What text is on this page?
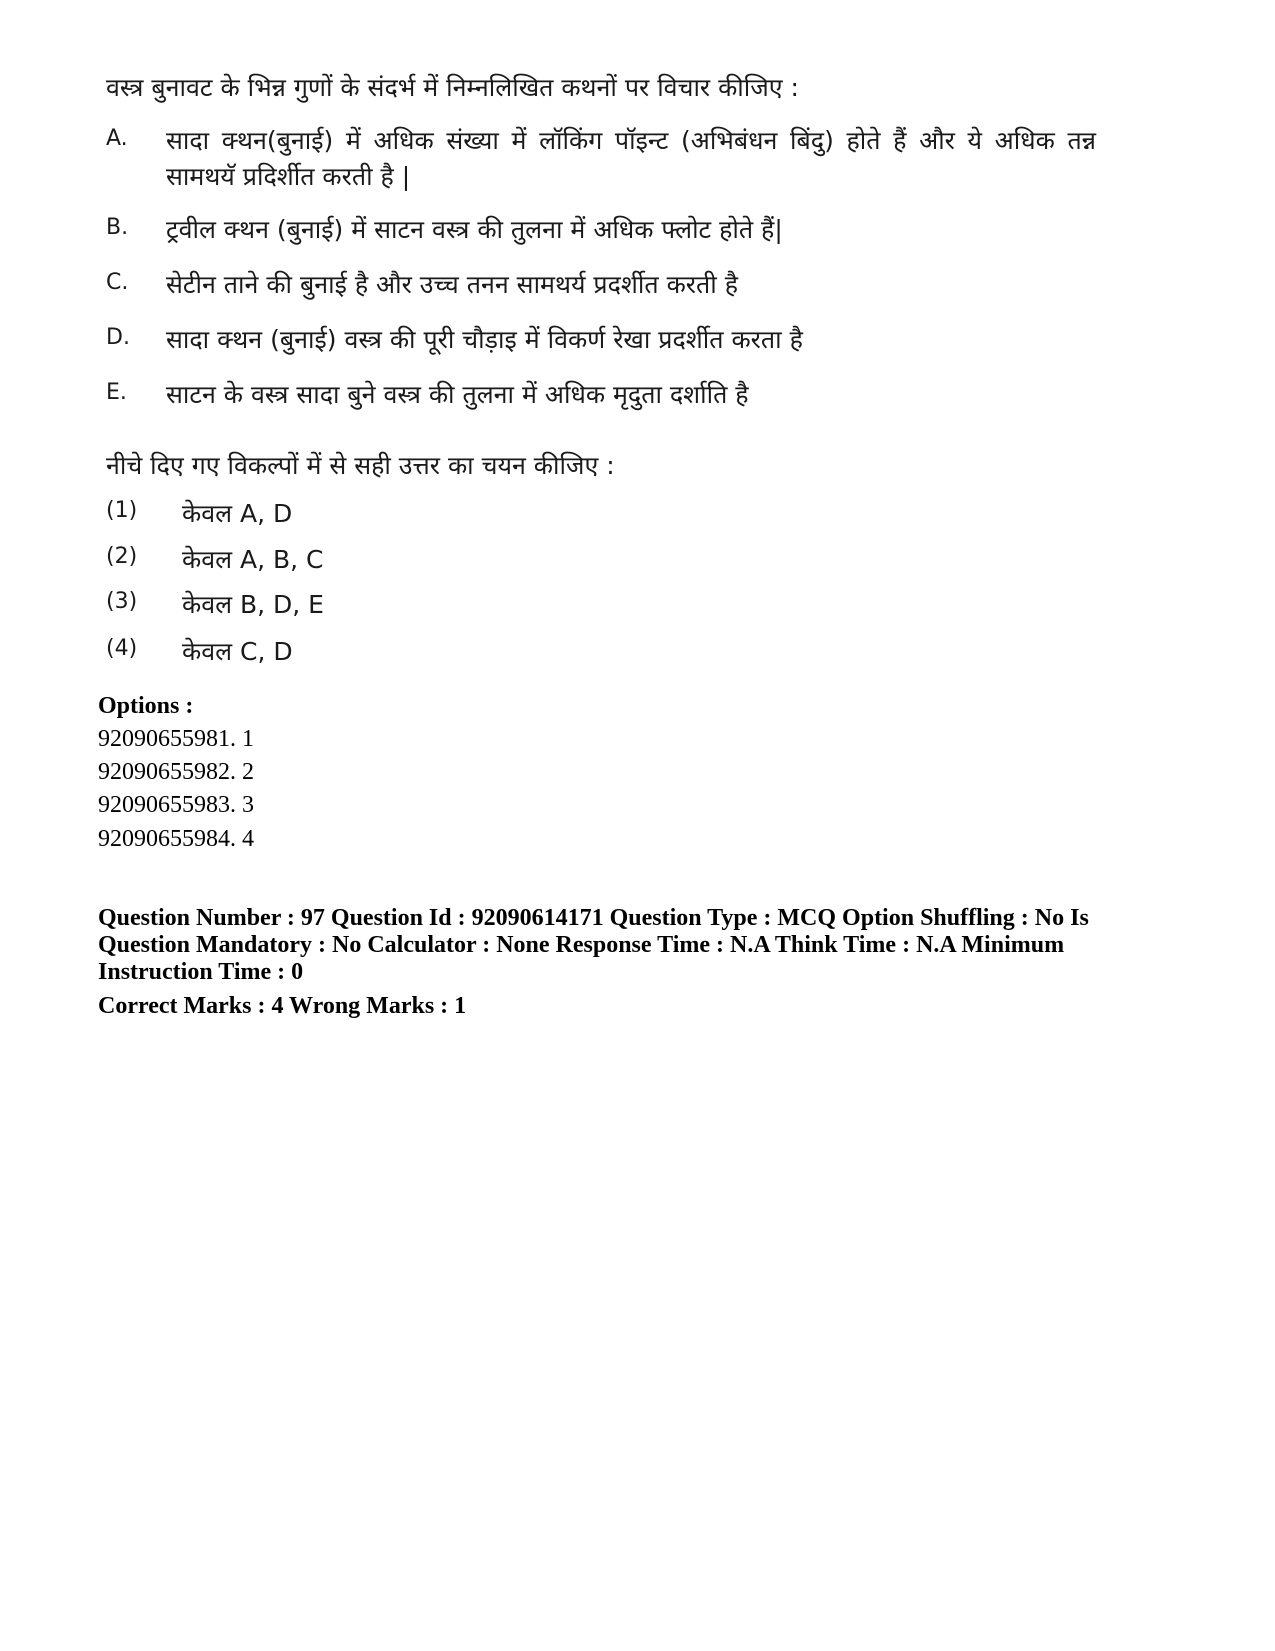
वस्त्र बुनावट के भिन्न गुणों के संदर्भ में निम्नलिखित कथनों पर विचार कीजिए :
A. सादा क्थन(बुनाई) में अधिक संख्या में लॉकिंग पॉइन्ट (अभिबंधन बिंदु) होते हैं और ये अधिक तन्न सामथयॅ प्रदिर्शीत करती है |
B. ट्रवील क्थन (बुनाई) में साटन वस्त्र की तुलना में अधिक फ्लोट होते हैं|
C. सेटीन ताने की बुनाई है और उच्च तनन सामथर्य प्रदर्शीत करती है
D. सादा क्थन (बुनाई) वस्त्र की पूरी चौड़ाइ में विकर्ण रेखा प्रदर्शीत करता है
E. साटन के वस्त्र सादा बुने वस्त्र की तुलना में अधिक मृदुता दर्शाति है
नीचे दिए गए विकल्पों में से सही उत्तर का चयन कीजिए :
(1) केवल A, D
(2) केवल A, B, C
(3) केवल B, D, E
(4) केवल C, D
Options :
92090655981. 1
92090655982. 2
92090655983. 3
92090655984. 4
Question Number : 97 Question Id : 92090614171 Question Type : MCQ Option Shuffling : No Is Question Mandatory : No Calculator : None Response Time : N.A Think Time : N.A Minimum Instruction Time : 0
Correct Marks : 4 Wrong Marks : 1
